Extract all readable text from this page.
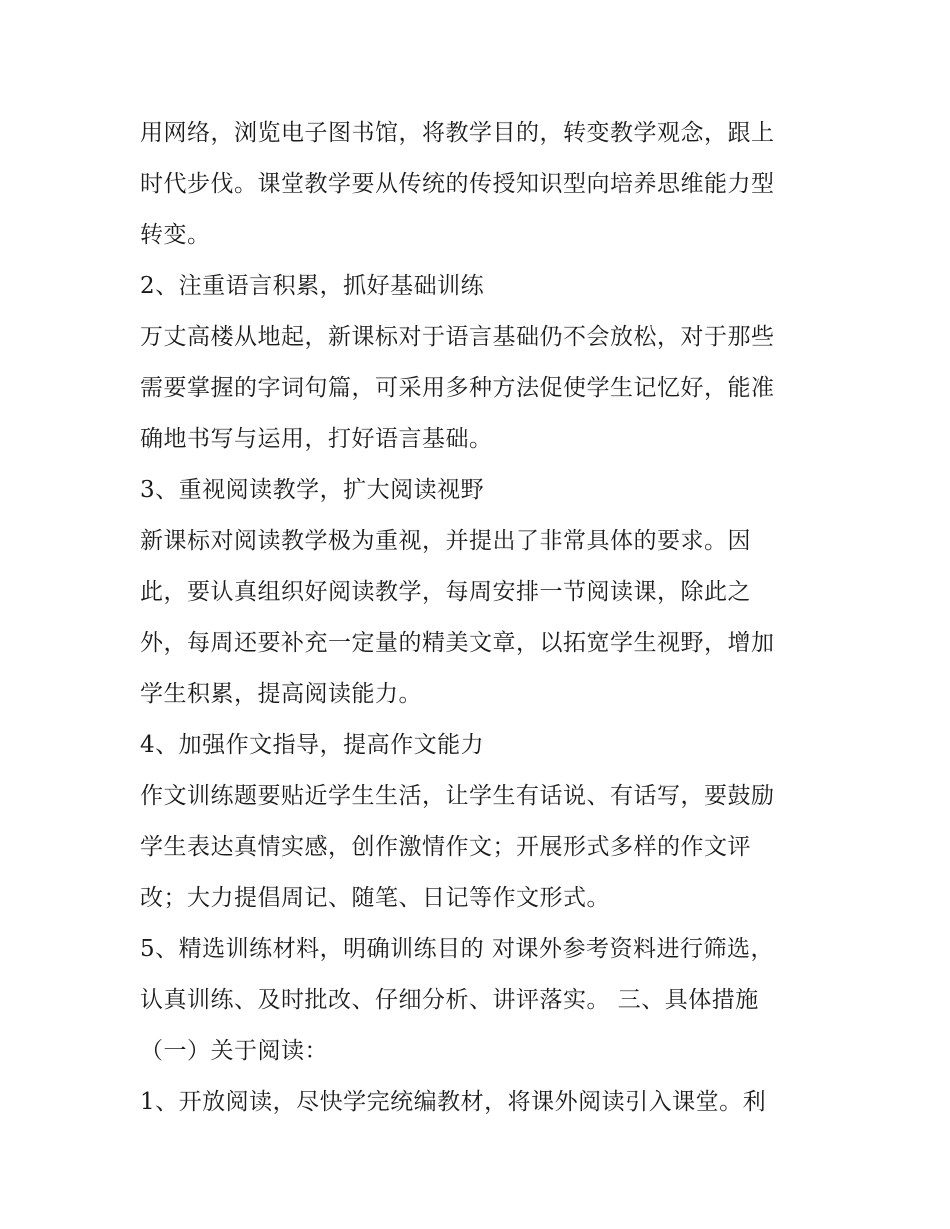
用网络，浏览电子图书馆，将教学目的，转变教学观念，跟上
时代步伐。课堂教学要从传统的传授知识型向培养思维能力型
转变。
2、注重语言积累，抓好基础训练
万丈高楼从地起，新课标对于语言基础仍不会放松，对于那些
需要掌握的字词句篇，可采用多种方法促使学生记忆好，能准
确地书写与运用，打好语言基础。
3、重视阅读教学，扩大阅读视野
新课标对阅读教学极为重视，并提出了非常具体的要求。因
此，要认真组织好阅读教学，每周安排一节阅读课，除此之
外，每周还要补充一定量的精美文章，以拓宽学生视野，增加
学生积累，提高阅读能力。
4、加强作文指导，提高作文能力
作文训练题要贴近学生生活，让学生有话说、有话写，要鼓励
学生表达真情实感，创作激情作文；开展形式多样的作文评
改；大力提倡周记、随笔、日记等作文形式。
5、精选训练材料，明确训练目的 对课外参考资料进行筛选，
认真训练、及时批改、仔细分析、讲评落实。 三、具体措施
（一）关于阅读：
1、开放阅读，尽快学完统编教材，将课外阅读引入课堂。利
